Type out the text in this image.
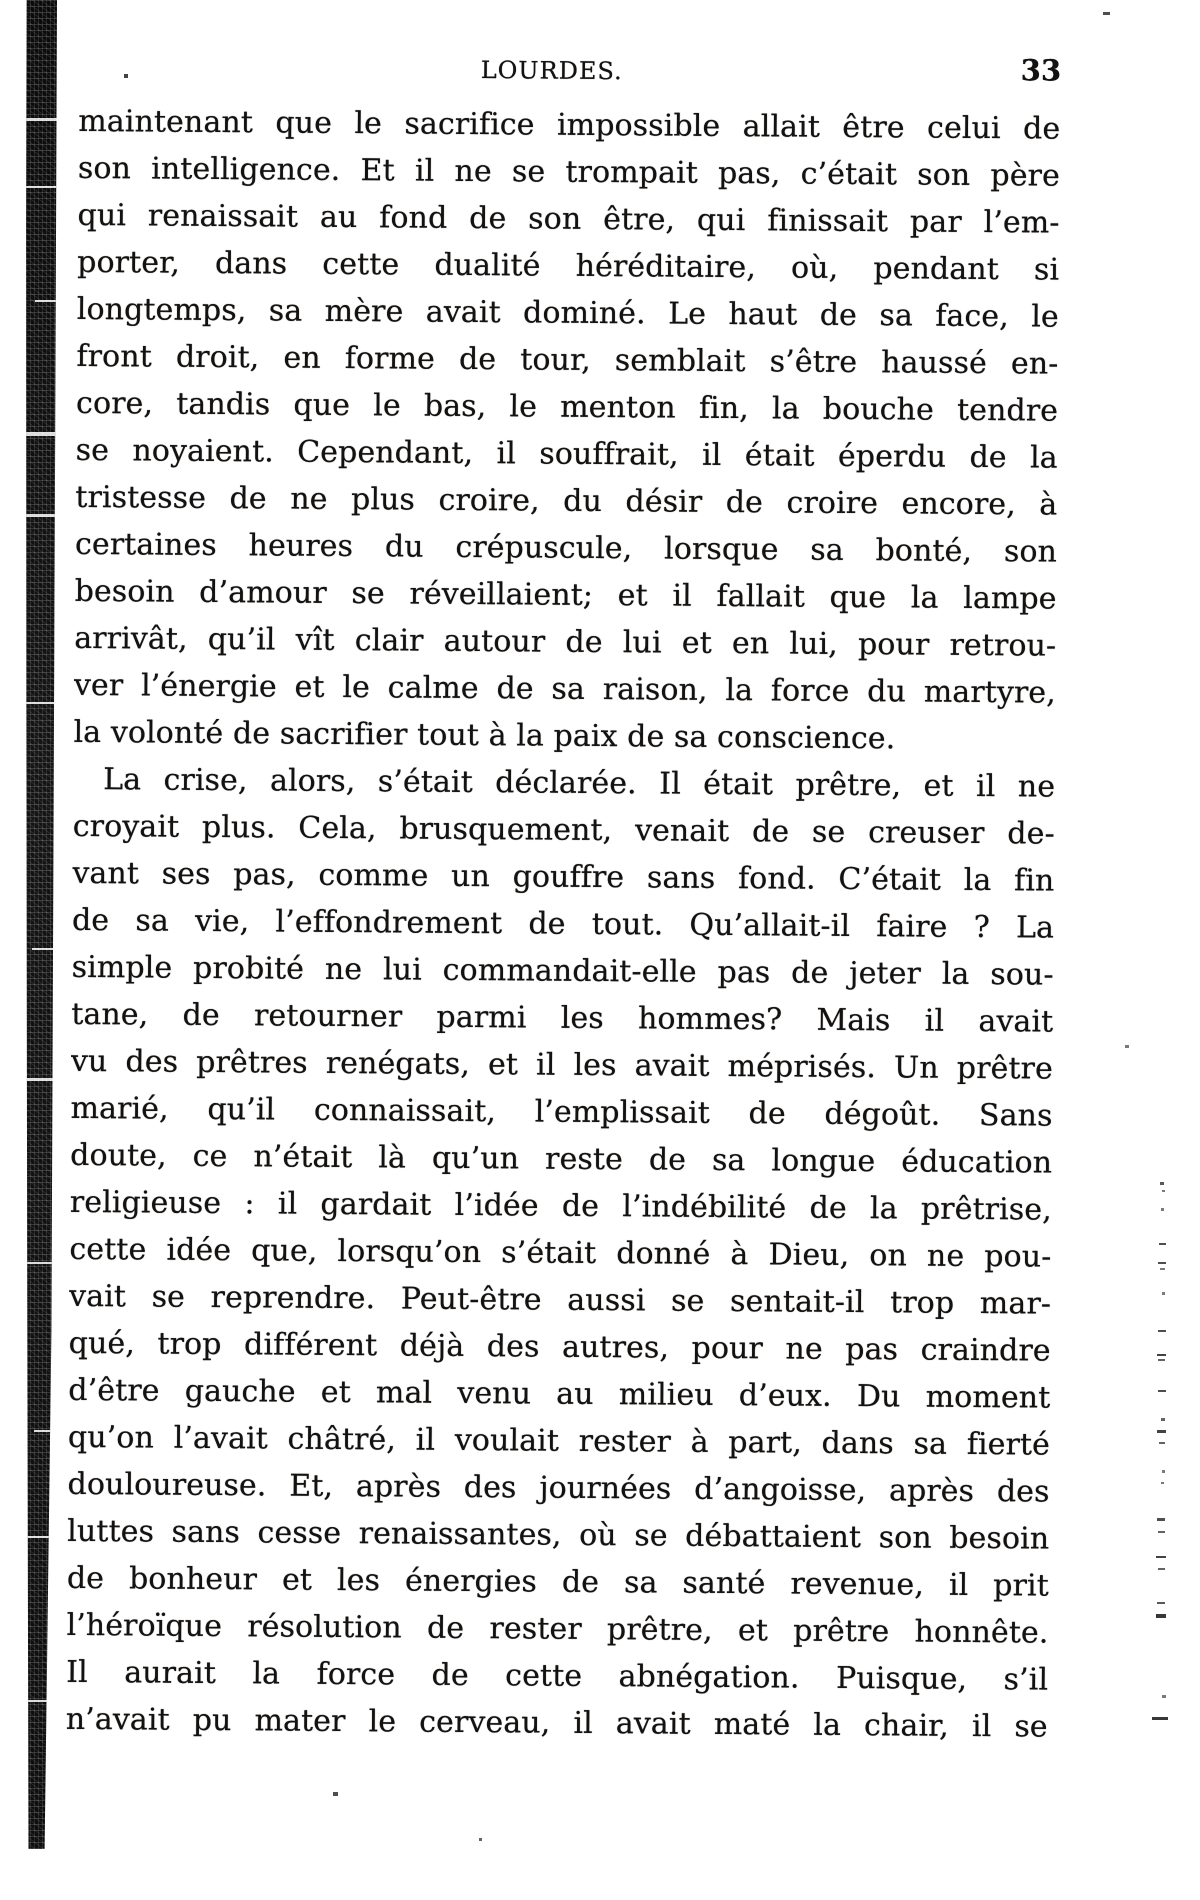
LOURDES.	33
maintenant que le sacrifice impossible allait être celui de
son intelligence. Et il ne se trompait pas, c’était son père
qui renaissait au fond de son être, qui finissait par l’em-
porter, dans cette dualité héréditaire, où, pendant si
longtemps, sa mère avait dominé. Le haut de sa face, le
front droit, en forme de tour, semblait s’être haussé en-
core, tandis que le bas, le menton fin, la bouche tendre
se noyaient. Cependant, il souffrait, il était éperdu de la
tristesse de ne plus croire, du désir de croire encore, à
certaines heures du crépuscule, lorsque sa bonté, son
besoin d’amour se réveillaient; et il fallait que la lampe
arrivât, qu’il vît clair autour de lui et en lui, pour retrou-
ver l’énergie et le calme de sa raison, la force du martyre,
la volonté de sacrifier tout à la paix de sa conscience.
La crise, alors, s’était déclarée. Il était prêtre, et il ne
croyait plus. Cela, brusquement, venait de se creuser de-
vant ses pas, comme un gouffre sans fond. C’était la fin
de sa vie, l’effondrement de tout. Qu’allait-il faire ? La
simple probité ne lui commandait-elle pas de jeter la sou-
tane, de retourner parmi les hommes? Mais il avait
vu des prêtres renégats, et il les avait méprisés. Un prêtre
marié, qu’il connaissait, l’emplissait de dégoût. Sans
doute, ce n’était là qu’un reste de sa longue éducation
religieuse : il gardait l’idée de l’indébilité de la prêtrise,
cette idée que, lorsqu’on s’était donné à Dieu, on ne pou-
vait se reprendre. Peut-être aussi se sentait-il trop mar-
qué, trop différent déjà des autres, pour ne pas craindre
d’être gauche et mal venu au milieu d’eux. Du moment
qu’on l’avait châtré, il voulait rester à part, dans sa fierté
douloureuse. Et, après des journées d’angoisse, après des
luttes sans cesse renaissantes, où se débattaient son besoin
de bonheur et les énergies de sa santé revenue, il prit
l’héroïque résolution de rester prêtre, et prêtre honnête.
Il aurait la force de cette abnégation. Puisque, s’il
n’avait pu mater le cerveau, il avait maté la chair, il se
